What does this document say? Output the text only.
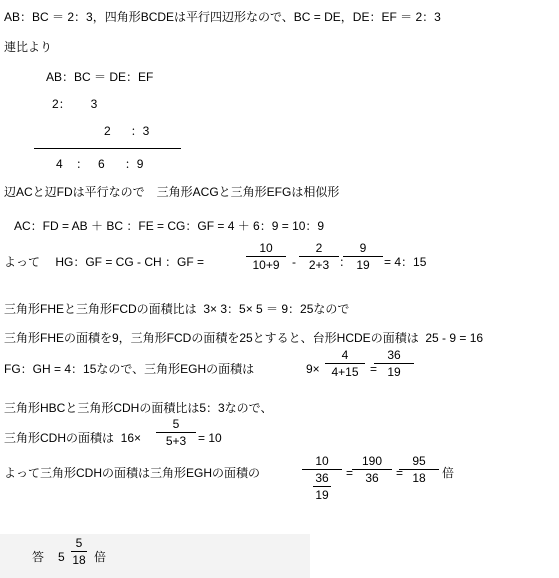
AB：BC ＝ 2：3，四角形BCDEは平行四辺形なので、BC = DE，DE：EF ＝ 2：3
連比より
AB：BC ＝ DE：EF
2：      3
2      ：3
4    ：   6      ：9
辺ACと辺FDは平行なので　三角形ACGと三角形EFGは相似形
AC：FD = AB ＋ BC ：FE = CG：GF = 4 ＋ 6：9 = 10：9
よって　 HG：GF = CG - CH ：GF =
10
10+9	-
2
2+3 ：
9
19	= 4：15
三角形FHEと三角形FCDの面積比は  3× 3：5× 5 ＝ 9：25なので
三角形FHEの面積を9，三角形FCDの面積を25とすると、台形HCDEの面積は  25 - 9 = 16
FG：GH = 4：15なので、三角形EGHの面積は	9×
4
4+15 =
36
19
三角形HBCと三角形CDHの面積比は5：3なので、
三角形CDHの面積は  16×
5
5+3 = 10
よって三角形CDHの面積は三角形EGHの面積の
10
36
19
=
190
36	=
95
18	倍
答 5
5
18 倍
